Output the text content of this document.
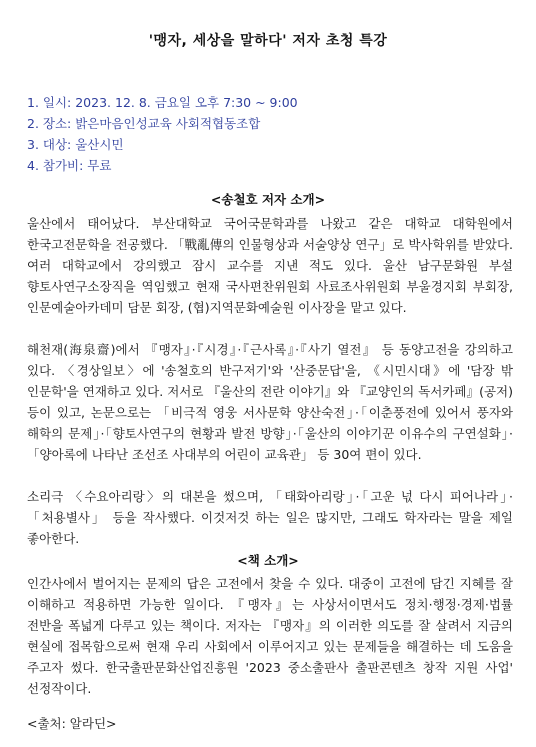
'맹자, 세상을 말하다' 저자 초청 특강
1. 일시: 2023. 12. 8. 금요일 오후 7:30 ~ 9:00
2. 장소: 밝은마음인성교육 사회적협동조합
3. 대상: 울산시민
4. 참가비: 무료
<송철호 저자 소개>

울산에서 태어났다. 부산대학교 국어국문학과를 나왔고 같은 대학교 대학원에서 한국고전문학을 전공했다. 「戰亂傳의 인물형상과 서술양상 연구」로 박사학위를 받았다. 여러 대학교에서 강의했고 잠시 교수를 지낸 적도 있다. 울산 남구문화원 부설 향토사연구소장직을 역임했고 현재 국사편찬위원회 사료조사위원회 부울경지회 부회장, 인문예술아카데미 담문 회장, (협)지역문화예술원 이사장을 맡고 있다.

해천재(海泉齋)에서 『맹자』·『시경』·『근사록』·『사기 열전』 등 동양고전을 강의하고 있다. 〈경상일보〉에 '송철호의 반구저기'와 '산중문답'을, 《시민시대》에 '담장 밖 인문학'을 연재하고 있다. 저서로 『울산의 전란 이야기』와 『교양인의 독서카페』(공저) 등이 있고, 논문으로는 「비극적 영웅 서사문학 양산숙전」·「이춘풍전에 있어서 풍자와 해학의 문제」·「향토사연구의 현황과 발전 방향」·「울산의 이야기꾼 이유수의 구연설화」·「양아록에 나타난 조선조 사대부의 어린이 교육관」 등 30여 편이 있다.

소리극 〈수요아리랑〉의 대본을 썼으며, 「태화아리랑」·「고운 넋 다시 피어나라」·「처용별사」 등을 작사했다. 이것저것 하는 일은 많지만, 그래도 학자라는 말을 제일 좋아한다.

<책 소개>

인간사에서 벌어지는 문제의 답은 고전에서 찾을 수 있다. 대중이 고전에 담긴 지혜를 잘 이해하고 적용하면 가능한 일이다. 『맹자』는 사상서이면서도 정치·행정·경제·법률 전반을 폭넓게 다루고 있는 책이다. 저자는 『맹자』의 이러한 의도를 잘 살려서 지금의 현실에 접목함으로써 현재 우리 사회에서 이루어지고 있는 문제들을 해결하는 데 도움을 주고자 썼다. 한국출판문화산업진흥원 '2023 중소출판사 출판콘텐츠 창작 지원 사업' 선정작이다.

<출처: 알라딘>
